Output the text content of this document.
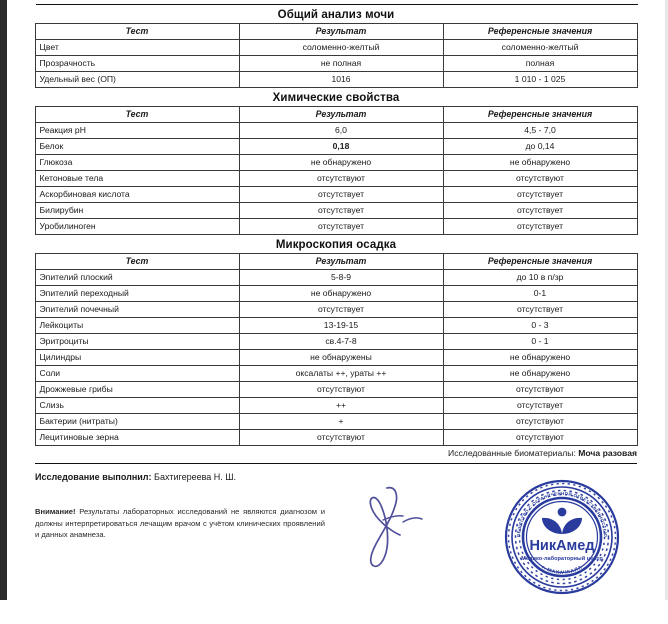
Общий анализ мочи
Тест	Результат	Референсные значения
Цвет	соломенно-желтый	соломенно-желтый
Прозрачность	не полная	полная
Удельный вес (ОП)	1016	1 010 - 1 025
Химические свойства
Тест	Результат	Референсные значения
Реакция pH	6,0	4,5 - 7,0
Белок	0,18	до 0,14
Глюкоза	не обнаружено	не обнаружено
Кетоновые тела	отсутствуют	отсутствуют
Аскорбиновая кислота	отсутствует	отсутствует
Билирубин	отсутствует	отсутствует
Уробилиноген	отсутствует	отсутствует
Микроскопия осадка
Тест	Результат	Референсные значения
Эпителий плоский	5-8-9	до 10 в п/зр
Эпителий переходный	не обнаружено	0-1
Эпителий почечный	отсутствует	отсутствует
Лейкоциты	13-19-15	0 - 3
Эритроциты	св.4-7-8	0 - 1
Цилиндры	не обнаружены	не обнаружено
Соли	оксалаты ++, ураты ++	не обнаружено
Дрожжевые грибы	отсутствуют	отсутствуют
Слизь	++	отсутствует
Бактерии (нитраты)	+	отсутствуют
Лецитиновые зерна	отсутствуют	отсутствуют
Исследованные биоматериалы: Моча разовая
Исследование выполнил: Бахтигереева Н. Ш.
Внимание! Результаты лабораторных исследований не являются диагнозом и должны интерпретироваться лечащим врачом с учётом клинических проявлений и данных анамнеза.
НикАмед
Медико-лабораторный центр
ОБЩЕСТВО С ОГРАНИЧЕННОЙ ОТВЕТСТВЕННОСТЬЮ
г. МАХАЧКАЛА
